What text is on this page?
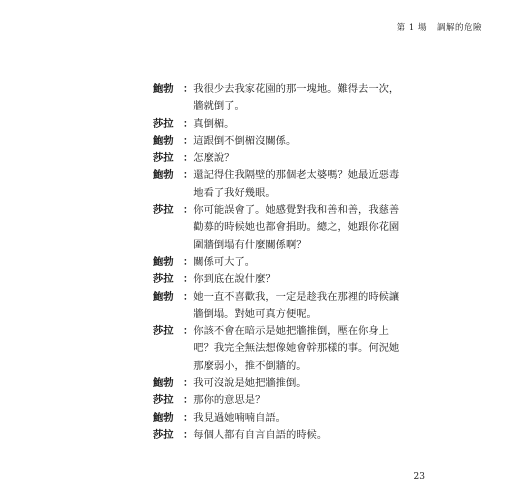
第 1 場 調解的危險
鮑勃 ： 我很少去我家花園的那一塊地。難得去一次，牆就倒了。
莎拉 ： 真倒楣。
鮑勃 ： 這跟倒不倒楣沒關係。
莎拉 ： 怎麼說？
鮑勃 ： 還記得住我隔壁的那個老太婆嗎？她最近惡毒地看了我好幾眼。
莎拉 ： 你可能誤會了。她感覺對我和善和善，我慈善勸募的時候她也都會捐助。總之，她跟你花園圍牆倒塌有什麼關係啊？
鮑勃 ： 關係可大了。
莎拉 ： 你到底在說什麼？
鮑勃 ： 她一直不喜歡我，一定是趁我在那裡的時候讓牆倒塌。對她可真方便呢。
莎拉 ： 你該不會在暗示是她把牆推倒，壓在你身上吧？我完全無法想像她會幹那樣的事。何況她那麼弱小，推不倒牆的。
鮑勃 ： 我可沒說是她把牆推倒。
莎拉 ： 那你的意思是？
鮑勃 ： 我見過她喃喃自語。
莎拉 ： 每個人都有自言自語的時候。
23
